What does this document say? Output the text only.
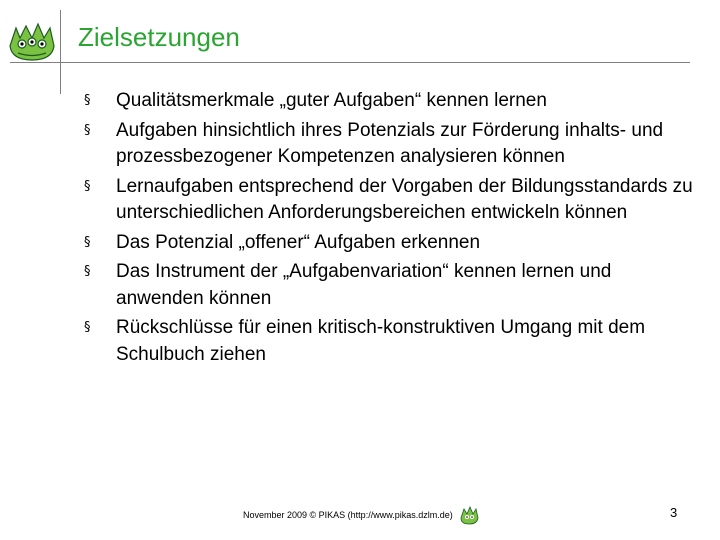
Zielsetzungen
§ Qualitätsmerkmale „guter Aufgaben“ kennen lernen
§ Aufgaben hinsichtlich ihres Potenzials zur Förderung inhalts- und prozessbezogener Kompetenzen analysieren können
§ Lernaufgaben entsprechend der Vorgaben der Bildungsstandards zu unterschiedlichen Anforderungsbereichen entwickeln können
§ Das Potenzial „offener“ Aufgaben erkennen
§ Das Instrument der „Aufgabenvariation“ kennen lernen und anwenden können
§ Rückschlüsse für einen kritisch-konstruktiven Umgang mit dem Schulbuch ziehen
November 2009 © PIKAS (http://www.pikas.dzlm.de)	3
